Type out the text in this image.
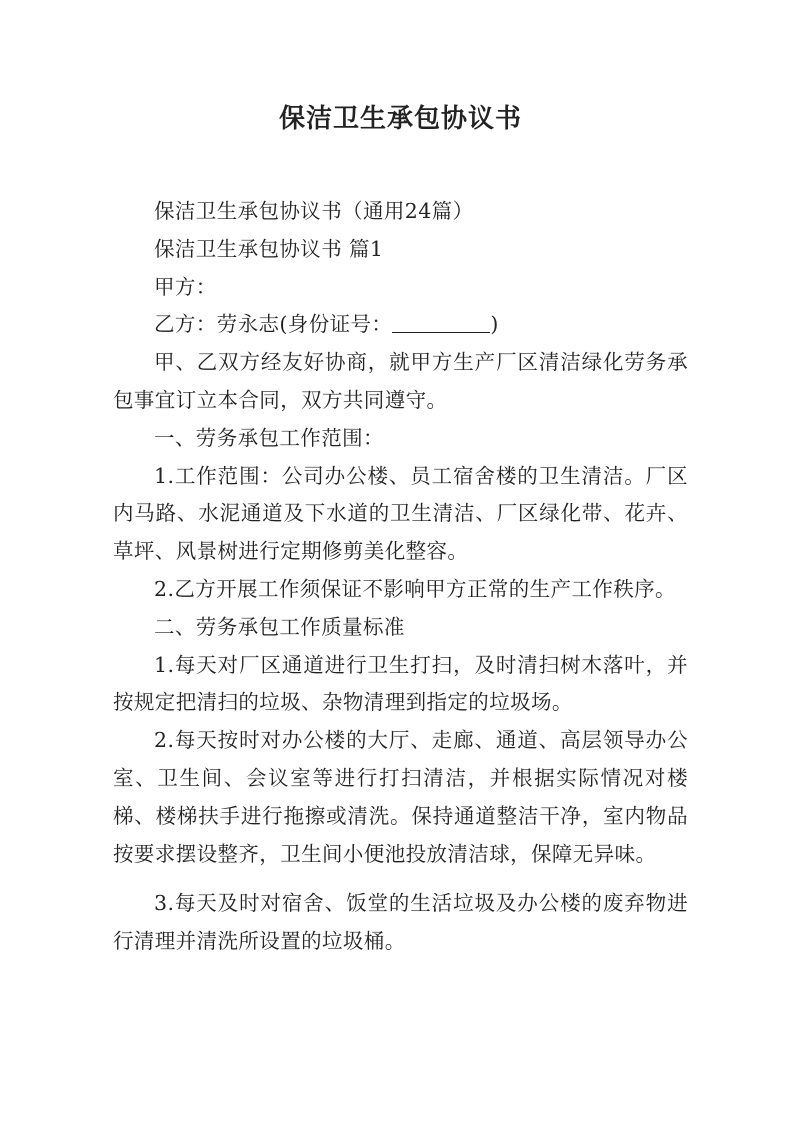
保洁卫生承包协议书

保洁卫生承包协议书（通用24篇）

保洁卫生承包协议书 篇1

甲方：

乙方：劳永志(身份证号：	)

甲、乙双方经友好协商，就甲方生产厂区清洁绿化劳务承包事宜订立本合同，双方共同遵守。

一、劳务承包工作范围：

1.工作范围：公司办公楼、员工宿舍楼的卫生清洁。厂区内马路、水泥通道及下水道的卫生清洁、厂区绿化带、花卉、草坪、风景树进行定期修剪美化整容。

2.乙方开展工作须保证不影响甲方正常的生产工作秩序。

二、劳务承包工作质量标准

1.每天对厂区通道进行卫生打扫，及时清扫树木落叶，并按规定把清扫的垃圾、杂物清理到指定的垃圾场。

2.每天按时对办公楼的大厅、走廊、通道、高层领导办公室、卫生间、会议室等进行打扫清洁，并根据实际情况对楼梯、楼梯扶手进行拖擦或清洗。保持通道整洁干净，室内物品按要求摆设整齐，卫生间小便池投放清洁球，保障无异味。

3.每天及时对宿舍、饭堂的生活垃圾及办公楼的废弃物进行清理并清洗所设置的垃圾桶。
